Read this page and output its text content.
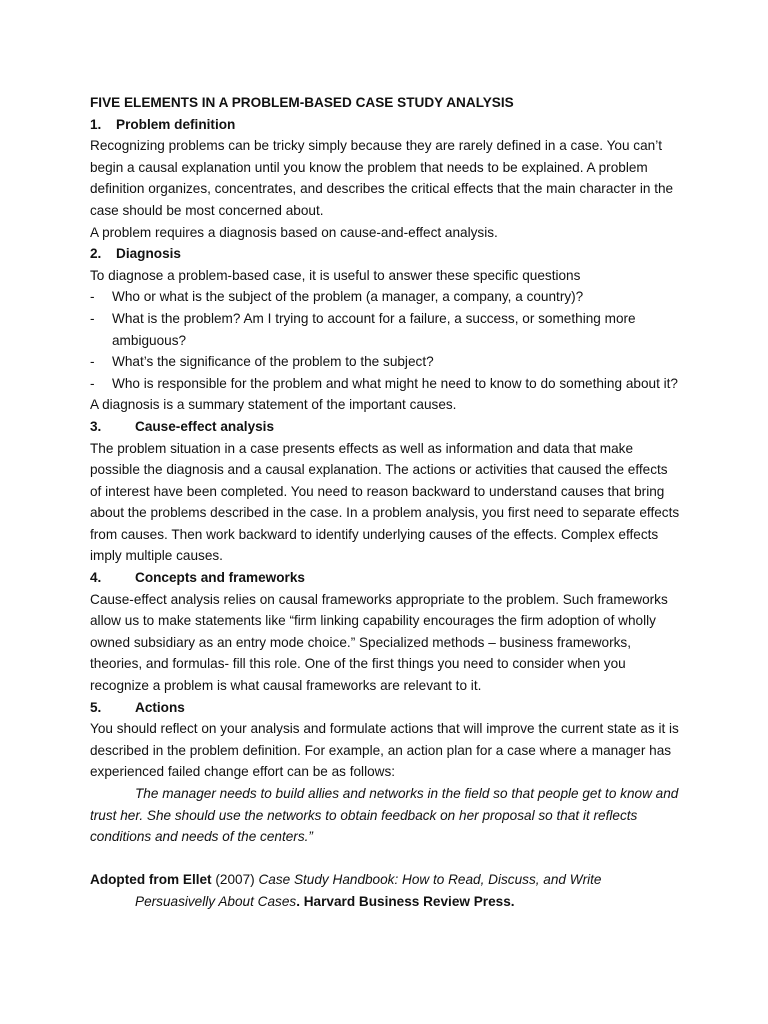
FIVE ELEMENTS IN A PROBLEM-BASED CASE STUDY ANALYSIS

1.	Problem definition

Recognizing problems can be tricky simply because they are rarely defined in a case. You can’t begin a causal explanation until you know the problem that needs to be explained. A problem definition organizes, concentrates, and describes the critical effects that the main character in the case should be most concerned about.

A problem requires a diagnosis based on cause-and-effect analysis.

2.	Diagnosis

To diagnose a problem-based case, it is useful to answer these specific questions

-	Who or what is the subject of the problem (a manager, a company, a country)?
-	What is the problem? Am I trying to account for a failure, a success, or something more ambiguous?
-	What’s the significance of the problem to the subject?
-	Who is responsible for the problem and what might he need to know to do something about it?

A diagnosis is a summary statement of the important causes.

3.	Cause-effect analysis

The problem situation in a case presents effects as well as information and data that make possible the diagnosis and a causal explanation. The actions or activities that caused the effects of interest have been completed. You need to reason backward to understand causes that bring about the problems described in the case. In a problem analysis, you first need to separate effects from causes. Then work backward to identify underlying causes of the effects. Complex effects imply multiple causes.

4.	Concepts and frameworks

Cause-effect analysis relies on causal frameworks appropriate to the problem. Such frameworks allow us to make statements like “firm linking capability encourages the firm adoption of wholly owned subsidiary as an entry mode choice.” Specialized methods – business frameworks, theories, and formulas- fill this role. One of the first things you need to consider when you recognize a problem is what causal frameworks are relevant to it.

5.	Actions

You should reflect on your analysis and formulate actions that will improve the current state as it is described in the problem definition. For example, an action plan for a case where a manager has experienced failed change effort can be as follows:

The manager needs to build allies and networks in the field so that people get to know and trust her. She should use the networks to obtain feedback on her proposal so that it reflects conditions and needs of the centers.”

Adopted from Ellet (2007) Case Study Handbook: How to Read, Discuss, and Write Persuasivelly About Cases. Harvard Business Review Press.
